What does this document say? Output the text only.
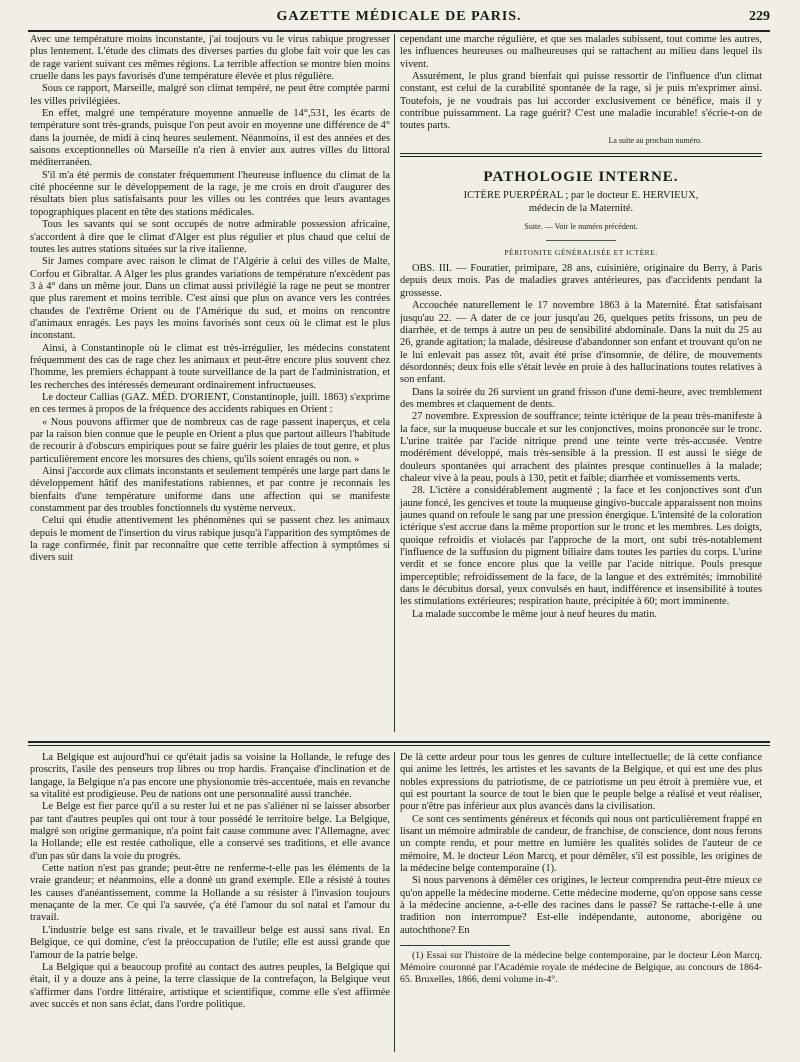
GAZETTE MÉDICALE DE PARIS.	229

Avec une température moins inconstante, j'ai toujours vu le virus rabique progresser plus lentement. L'étude des climats des diverses parties du globe fait voir que les cas de rage varient suivant ces mêmes régions. La terrible affection se montre bien moins cruelle dans les pays favorisés d'une température élevée et plus régulière.

Sous ce rapport, Marseille, malgré son climat tempéré, ne peut être comptée parmi les villes privilégiées.

En effet, malgré une température moyenne annuelle de 14°,531, les écarts de température sont très-grands, puisque l'on peut avoir en moyenne une différence de 4° dans la journée, de midi à cinq heures seulement. Néanmoins, il est des années et des saisons exceptionnelles où Marseille n'a rien à envier aux autres villes du littoral méditerranéen.

S'il m'a été permis de constater fréquemment l'heureuse influence du climat de la cité phocéenne sur le développement de la rage, je me crois en droit d'augurer des résultats bien plus satisfaisants pour les villes ou les contrées que leurs avantages topographiques placent en tête des stations médicales.

Tous les savants qui se sont occupés de notre admirable possession africaine, s'accordent à dire que le climat d'Alger est plus régulier et plus chaud que celui de toutes les autres stations situées sur la rive italienne.

Sir James compare avec raison le climat de l'Algérie à celui des villes de Malte, Corfou et Gibraltar. A Alger les plus grandes variations de température n'excèdent pas 3 à 4° dans un même jour. Dans un climat aussi privilégié la rage ne peut se montrer que plus rarement et moins terrible. C'est ainsi que plus on avance vers les contrées chaudes de l'extrême Orient ou de l'Amérique du sud, et moins on rencontre d'animaux enragés. Les pays les moins favorisés sont ceux où le climat est le plus inconstant.

Ainsi, à Constantinople où le climat est très-irrégulier, les médecins constatent fréquemment des cas de rage chez les animaux et peut-être encore plus souvent chez l'homme, les premiers échappant à toute surveillance de la part de l'administration, et les recherches des intéressés demeurant ordinairement infructueuses.

Le docteur Callias (GAZ. MÉD. D'ORIENT, Constantinople, juill. 1863) s'exprime en ces termes à propos de la fréquence des accidents rabiques en Orient :

« Nous pouvons affirmer que de nombreux cas de rage passent inaperçus, et cela par la raison bien connue que le peuple en Orient a plus que partout ailleurs l'habitude de recourir à d'obscurs empiriques pour se faire guérir les plaies de tout genre, et plus particulièrement encore les morsures des chiens, qu'ils soient enragés ou non. »

Ainsi j'accorde aux climats inconstants et seulement tempérés une large part dans le développement hâtif des manifestations rabiennes, et par contre je reconnais les bienfaits d'une température uniforme dans une affection qui se manifeste constamment par des troubles fonctionnels du système nerveux.

Celui qui étudie attentivement les phénomènes qui se passent chez les animaux depuis le moment de l'insertion du virus rabique jusqu'à l'apparition des symptômes de la rage confirmée, finit par reconnaître que cette terrible affection à symptômes si divers suit

cependant une marche régulière, et que ses malades subissent, tout comme les autres, les influences heureuses ou malheureuses qui se rattachent au milieu dans lequel ils vivent.

Assurément, le plus grand bienfait qui puisse ressortir de l'influence d'un climat constant, est celui de la curabilité spontanée de la rage, si je puis m'exprimer ainsi. Toutefois, je ne voudrais pas lui accorder exclusivement ce bénéfice, mais il y contribue puissamment. La rage guérit? C'est une maladie incurable! s'écrie-t-on de toutes parts.

La suite au prochain numéro.
PATHOLOGIE INTERNE.
ICTÈRE PUERPÉRAL ; par le docteur E. HERVIEUX,
médecin de la Maternité.
Suite. — Voir le numéro précédent.
PÉRITONITE GÉNÉRALISÉE ET ICTÈRE.

OBS. III. — Fouratier, primipare, 28 ans, cuisinière, originaire du Berry, à Paris depuis deux mois. Pas de maladies graves antérieures, pas d'accidents pendant la grossesse.

Accouchée naturellement le 17 novembre 1863 à la Maternité. État satisfaisant jusqu'au 22. — A dater de ce jour jusqu'au 26, quelques petits frissons, un peu de diarrhée, et de temps à autre un peu de sensibilité abdominale. Dans la nuit du 25 au 26, grande agitation; la malade, désireuse d'abandonner son enfant et trouvant qu'on ne le lui enlevait pas assez tôt, avait été prise d'insomnie, de délire, de mouvements désordonnés; deux fois elle s'était levée en proie à des hallucinations toutes relatives à son enfant.

Dans la soirée du 26 survient un grand frisson d'une demi-heure, avec tremblement des membres et claquement de dents.

27 novembre. Expression de souffrance; teinte ictérique de la peau très-manifeste à la face, sur la muqueuse buccale et sur les conjonctives, moins prononcée sur le tronc. L'urine traitée par l'acide nitrique prend une teinte verte très-accusée. Ventre modérément développé, mais très-sensible à la pression. Il est aussi le siége de douleurs spontanées qui arrachent des plaintes presque continuelles à la malade; chaleur vive à la peau, pouls à 130, petit et faible; diarrhée et vomissements verts.

28. L'ictère a considérablement augmenté ; la face et les conjonctives sont d'un jaune foncé, les gencives et toute la muqueuse gingivo-buccale apparaissent non moins jaunes quand on refoule le sang par une pression énergique. L'intensité de la coloration ictérique s'est accrue dans la même proportion sur le tronc et les membres. Les doigts, quoique refroidis et violacés par l'approche de la mort, ont subi très-notablement l'influence de la suffusion du pigment biliaire dans toutes les parties du corps. L'urine verdit et se fonce encore plus que la veille par l'acide nitrique. Pouls presque imperceptible; refroidissement de la face, de la langue et des extrémités; immobilité dans le décubitus dorsal, yeux convulsés en haut, indifférence et insensibilité à toutes les stimulations extérieures; respiration haute, précipitée à 60; mort imminente.

La malade succombe le même jour à neuf heures du matin.

La Belgique est aujourd'hui ce qu'était jadis sa voisine la Hollande, le refuge des proscrits, l'asile des penseurs trop libres ou trop hardis. Française d'inclination et de langage, la Belgique n'a pas encore une physionomie très-accentuée, mais en revanche sa vitalité est prodigieuse. Peu de nations ont une personnalité aussi tranchée.

Le Belge est fier parce qu'il a su rester lui et ne pas s'aliéner ni se laisser absorber par tant d'autres peuples qui ont tour à tour possédé le territoire belge. La Belgique, malgré son origine germanique, n'a point fait cause commune avec l'Allemagne, avec la Hollande; elle est restée catholique, elle a conservé ses traditions, et elle avance d'un pas sûr dans la voie du progrès.

Cette nation n'est pas grande; peut-être ne renferme-t-elle pas les éléments de la vraie grandeur; et néanmoins, elle a donné un grand exemple. Elle a résisté à toutes les causes d'anéantissement, comme la Hollande a su résister à l'invasion toujours menaçante de la mer. Ce qui l'a sauvée, ç'a été l'amour du sol natal et l'amour du travail.

L'industrie belge est sans rivale, et le travailleur belge est aussi sans rival. En Belgique, ce qui domine, c'est la préoccupation de l'utile; elle est aussi grande que l'amour de la patrie belge.

La Belgique qui a beaucoup profité au contact des autres peuples, la Belgique qui était, il y a douze ans à peine, la terre classique de la contrefaçon, la Belgique veut s'affirmer dans l'ordre littéraire, artistique et scientifique, comme elle s'est affirmée avec succès et non sans éclat, dans l'ordre politique.

De là cette ardeur pour tous les genres de culture intellectuelle; de là cette confiance qui anime les lettrés, les artistes et les savants de la Belgique, et qui est une des plus nobles expressions du patriotisme, de ce patriotisme un peu étroit à première vue, et qui est pourtant la source de tout le bien que le peuple belge a réalisé et veut réaliser, pour n'être pas inférieur aux plus avancés dans la civilisation.

Ce sont ces sentiments généreux et féconds qui nous ont particulièrement frappé en lisant un mémoire admirable de candeur, de franchise, de conscience, dont nous ferons un compte rendu, et pour mettre en lumière les qualités solides de l'auteur de ce mémoire, M. le docteur Léon Marcq, et pour démêler, s'il est possible, les origines de la médecine belge contemporaine (1).

Si nous parvenons à démêler ces origines, le lecteur comprendra peut-être mieux ce qu'on appelle la médecine moderne. Cette médecine moderne, qu'on oppose sans cesse à la médecine ancienne, a-t-elle des racines dans le passé? Se rattache-t-elle à une tradition non interrompue? Est-elle indépendante, autonome, aborigène ou autochthone? En

(1) Essai sur l'histoire de la médecine belge contemporaine, par le docteur Léon Marcq. Mémoire couronné par l'Académie royale de médecine de Belgique, au concours de 1864-65. Bruxelles, 1866, demi volume in-4°.
